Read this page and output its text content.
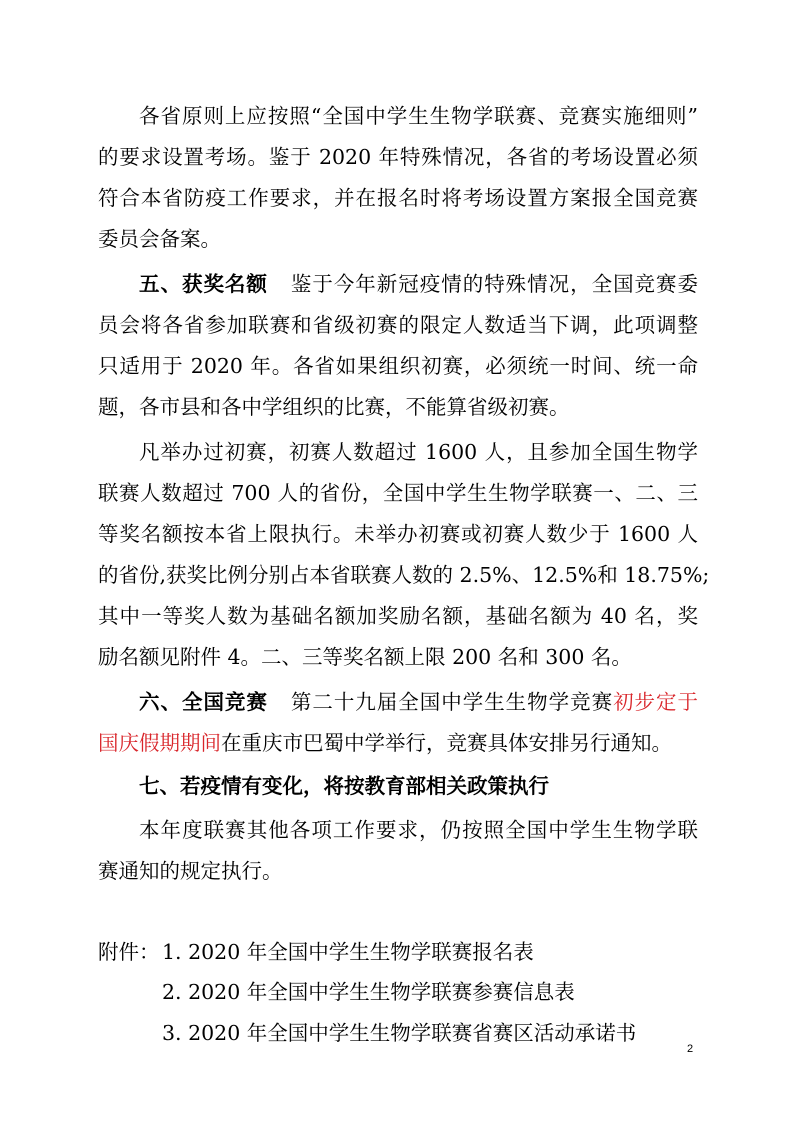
各省原则上应按照“全国中学生生物学联赛、竞赛实施细则”
的要求设置考场。鉴于 2020 年特殊情况，各省的考场设置必须
符合本省防疫工作要求，并在报名时将考场设置方案报全国竞赛
委员会备案。
五、获奖名额 鉴于今年新冠疫情的特殊情况，全国竞赛委
员会将各省参加联赛和省级初赛的限定人数适当下调，此项调整
只适用于 2020 年。各省如果组织初赛，必须统一时间、统一命
题，各市县和各中学组织的比赛，不能算省级初赛。
凡举办过初赛，初赛人数超过 1600 人，且参加全国生物学
联赛人数超过 700 人的省份，全国中学生生物学联赛一、二、三
等奖名额按本省上限执行。未举办初赛或初赛人数少于 1600 人
的省份,获奖比例分别占本省联赛人数的 2.5%、12.5%和 18.75%;
其中一等奖人数为基础名额加奖励名额，基础名额为 40 名，奖
励名额见附件 4。二、三等奖名额上限 200 名和 300 名。
六、全国竞赛 第二十九届全国中学生生物学竞赛初步定于
国庆假期期间在重庆市巴蜀中学举行，竞赛具体安排另行通知。
七、若疫情有变化，将按教育部相关政策执行
本年度联赛其他各项工作要求，仍按照全国中学生生物学联
赛通知的规定执行。
附件： 1. 2020 年全国中学生生物学联赛报名表
2. 2020 年全国中学生生物学联赛参赛信息表
3. 2020 年全国中学生生物学联赛省赛区活动承诺书
2
